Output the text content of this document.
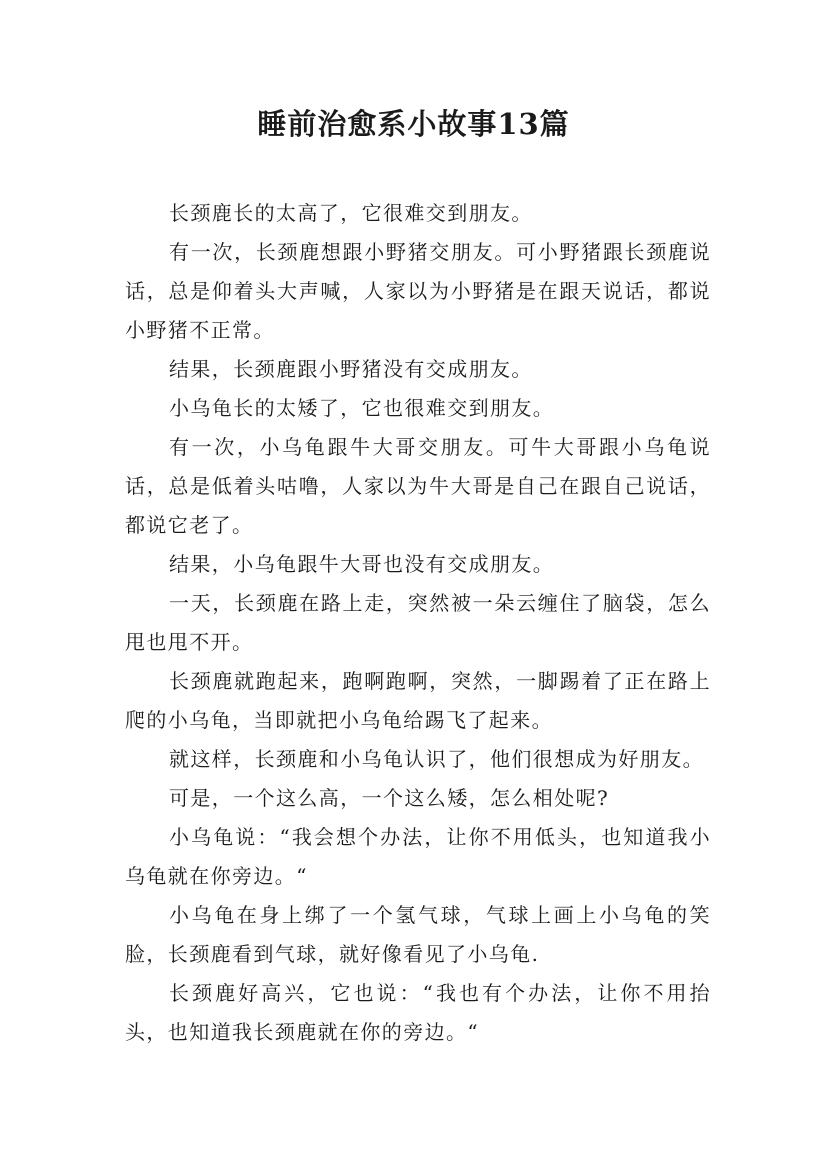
睡前治愈系小故事13篇

长颈鹿长的太高了，它很难交到朋友。

有一次，长颈鹿想跟小野猪交朋友。可小野猪跟长颈鹿说话，总是仰着头大声喊，人家以为小野猪是在跟天说话，都说小野猪不正常。

结果，长颈鹿跟小野猪没有交成朋友。

小乌龟长的太矮了，它也很难交到朋友。

有一次，小乌龟跟牛大哥交朋友。可牛大哥跟小乌龟说话，总是低着头咕噜，人家以为牛大哥是自己在跟自己说话，都说它老了。

结果，小乌龟跟牛大哥也没有交成朋友。

一天，长颈鹿在路上走，突然被一朵云缠住了脑袋，怎么甩也甩不开。

长颈鹿就跑起来，跑啊跑啊，突然，一脚踢着了正在路上爬的小乌龟，当即就把小乌龟给踢飞了起来。

就这样，长颈鹿和小乌龟认识了，他们很想成为好朋友。

可是，一个这么高，一个这么矮，怎么相处呢?

小乌龟说：“我会想个办法，让你不用低头，也知道我小乌龟就在你旁边。“

小乌龟在身上绑了一个氢气球，气球上画上小乌龟的笑脸，长颈鹿看到气球，就好像看见了小乌龟.

长颈鹿好高兴，它也说：“我也有个办法，让你不用抬头，也知道我长颈鹿就在你的旁边。“
